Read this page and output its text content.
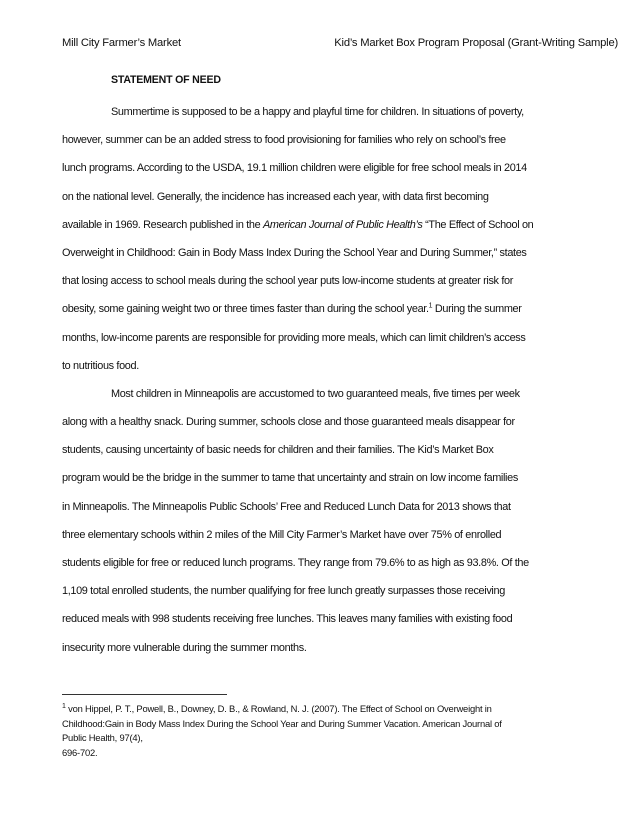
Mill City Farmer’s Market	Kid’s Market Box Program Proposal (Grant-Writing Sample)
STATEMENT OF NEED
Summertime is supposed to be a happy and playful time for children. In situations of poverty,
however, summer can be an added stress to food provisioning for families who rely on school’s free
lunch programs. According to the USDA, 19.1 million children were eligible for free school meals in 2014
on the national level. Generally, the incidence has increased each year, with data first becoming
available in 1969. Research published in the American Journal of Public Health’s “The Effect of School on
Overweight in Childhood: Gain in Body Mass Index During the School Year and During Summer,” states
that losing access to school meals during the school year puts low-income students at greater risk for
obesity, some gaining weight two or three times faster than during the school year.$^1$ During the summer
months, low-income parents are responsible for providing more meals, which can limit children’s access
to nutritious food.
Most children in Minneapolis are accustomed to two guaranteed meals, five times per week
along with a healthy snack. During summer, schools close and those guaranteed meals disappear for
students, causing uncertainty of basic needs for children and their families. The Kid’s Market Box
program would be the bridge in the summer to tame that uncertainty and strain on low income families
in Minneapolis. The Minneapolis Public Schools’ Free and Reduced Lunch Data for 2013 shows that
three elementary schools within 2 miles of the Mill City Farmer’s Market have over 75% of enrolled
students eligible for free or reduced lunch programs. They range from 79.6% to as high as 93.8%. Of the
1,109 total enrolled students, the number qualifying for free lunch greatly surpasses those receiving
reduced meals with 998 students receiving free lunches. This leaves many families with existing food
insecurity more vulnerable during the summer months.
$^1$ von Hippel, P. T., Powell, B., Downey, D. B., & Rowland, N. J. (2007). The Effect of School on Overweight in
Childhood:Gain in Body Mass Index During the School Year and During Summer Vacation. American Journal of
Public Health, 97(4),
696-702.
